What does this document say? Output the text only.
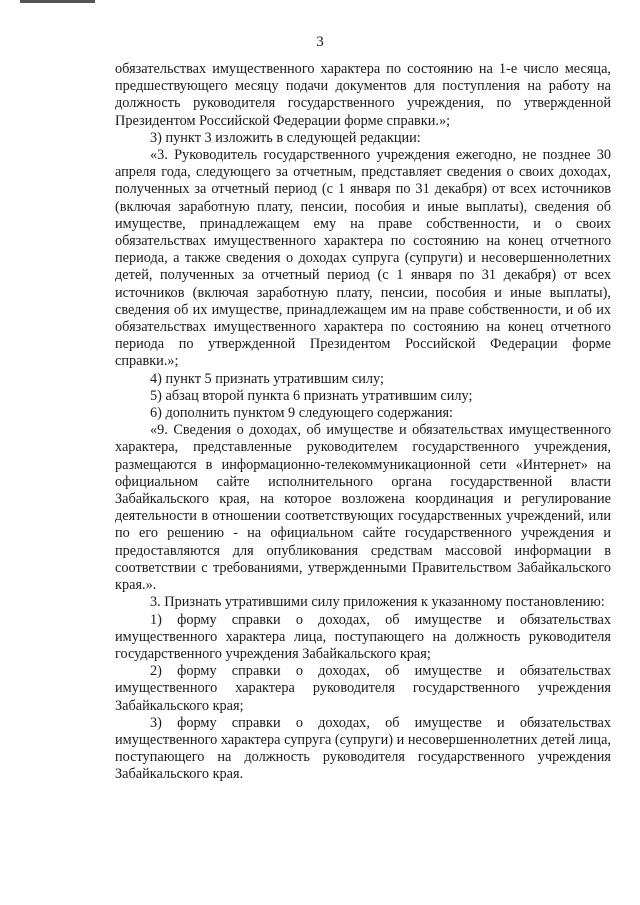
3

обязательствах имущественного характера по состоянию на 1-е число месяца, предшествующего месяцу подачи документов для поступления на работу на должность руководителя государственного учреждения, по утвержденной Президентом Российской Федерации форме справки.»;

3) пункт 3 изложить в следующей редакции:

«3. Руководитель государственного учреждения ежегодно, не позднее 30 апреля года, следующего за отчетным, представляет сведения о своих доходах, полученных за отчетный период (с 1 января по 31 декабря) от всех источников (включая заработную плату, пенсии, пособия и иные выплаты), сведения об имуществе, принадлежащем ему на праве собственности, и о своих обязательствах имущественного характера по состоянию на конец отчетного периода, а также сведения о доходах супруга (супруги) и несовершеннолетних детей, полученных за отчетный период (с 1 января по 31 декабря) от всех источников (включая заработную плату, пенсии, пособия и иные выплаты), сведения об их имуществе, принадлежащем им на праве собственности, и об их обязательствах имущественного характера по состоянию на конец отчетного периода по утвержденной Президентом Российской Федерации форме справки.»;

4) пункт 5 признать утратившим силу;

5) абзац второй пункта 6 признать утратившим силу;

6) дополнить пунктом 9 следующего содержания:

«9. Сведения о доходах, об имуществе и обязательствах имущественного характера, представленные руководителем государственного учреждения, размещаются в информационно-телекоммуникационной сети «Интернет» на официальном сайте исполнительного органа государственной власти Забайкальского края, на которое возложена координация и регулирование деятельности в отношении соответствующих государственных учреждений, или по его решению - на официальном сайте государственного учреждения и предоставляются для опубликования средствам массовой информации в соответствии с требованиями, утвержденными Правительством Забайкальского края.».

3. Признать утратившими силу приложения к указанному постановлению:

1) форму справки о доходах, об имуществе и обязательствах имущественного характера лица, поступающего на должность руководителя государственного учреждения Забайкальского края;

2) форму справки о доходах, об имуществе и обязательствах имущественного характера руководителя государственного учреждения Забайкальского края;

3) форму справки о доходах, об имуществе и обязательствах имущественного характера супруга (супруги) и несовершеннолетних детей лица, поступающего на должность руководителя государственного учреждения Забайкальского края.
